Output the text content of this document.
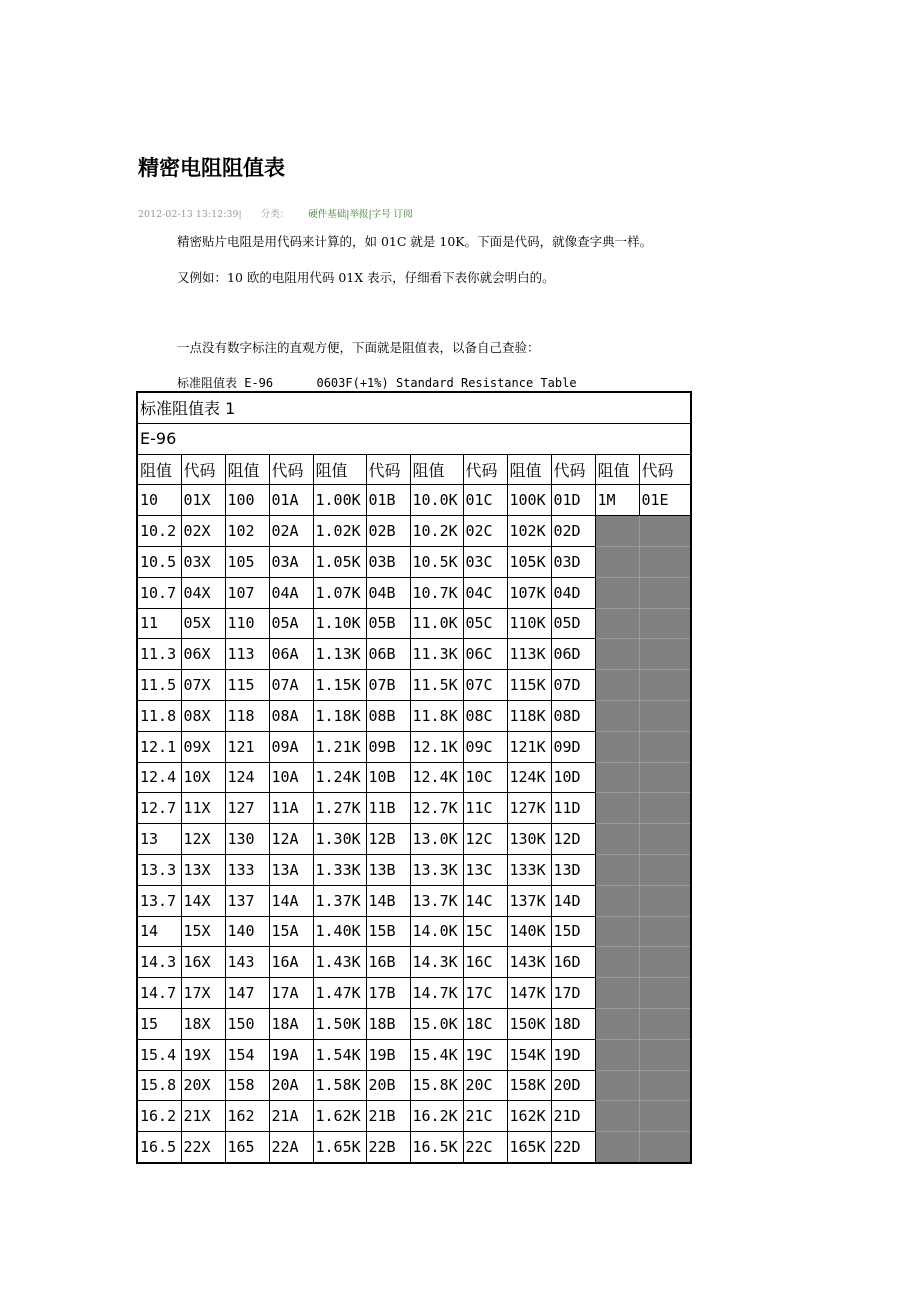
精密电阻阻值表
2012-02-13 13:12:39| 分类： 硬件基础|举报|字号 订阅
精密贴片电阻是用代码来计算的，如 01C 就是 10K。下面是代码，就像查字典一样。
又例如：10 欧的电阻用代码 01X 表示，仔细看下表你就会明白的。
一点没有数字标注的直观方便，下面就是阻值表，以备自己查验：
标准阻值表 E-96      0603F(+1%) Standard Resistance Table
标准阻值表 1											
E-96											
阻值	代码	阻值	代码	阻值	代码	阻值	代码	阻值	代码	阻值	代码
10	01X	100	01A	1.00K	01B	10.0K	01C	100K	01D	1M	01E
10.2	02X	102	02A	1.02K	02B	10.2K	02C	102K	02D		
10.5	03X	105	03A	1.05K	03B	10.5K	03C	105K	03D		
10.7	04X	107	04A	1.07K	04B	10.7K	04C	107K	04D		
11	05X	110	05A	1.10K	05B	11.0K	05C	110K	05D		
11.3	06X	113	06A	1.13K	06B	11.3K	06C	113K	06D		
11.5	07X	115	07A	1.15K	07B	11.5K	07C	115K	07D		
11.8	08X	118	08A	1.18K	08B	11.8K	08C	118K	08D		
12.1	09X	121	09A	1.21K	09B	12.1K	09C	121K	09D		
12.4	10X	124	10A	1.24K	10B	12.4K	10C	124K	10D		
12.7	11X	127	11A	1.27K	11B	12.7K	11C	127K	11D		
13	12X	130	12A	1.30K	12B	13.0K	12C	130K	12D		
13.3	13X	133	13A	1.33K	13B	13.3K	13C	133K	13D		
13.7	14X	137	14A	1.37K	14B	13.7K	14C	137K	14D		
14	15X	140	15A	1.40K	15B	14.0K	15C	140K	15D		
14.3	16X	143	16A	1.43K	16B	14.3K	16C	143K	16D		
14.7	17X	147	17A	1.47K	17B	14.7K	17C	147K	17D		
15	18X	150	18A	1.50K	18B	15.0K	18C	150K	18D		
15.4	19X	154	19A	1.54K	19B	15.4K	19C	154K	19D		
15.8	20X	158	20A	1.58K	20B	15.8K	20C	158K	20D		
16.2	21X	162	21A	1.62K	21B	16.2K	21C	162K	21D		
16.5	22X	165	22A	1.65K	22B	16.5K	22C	165K	22D		
